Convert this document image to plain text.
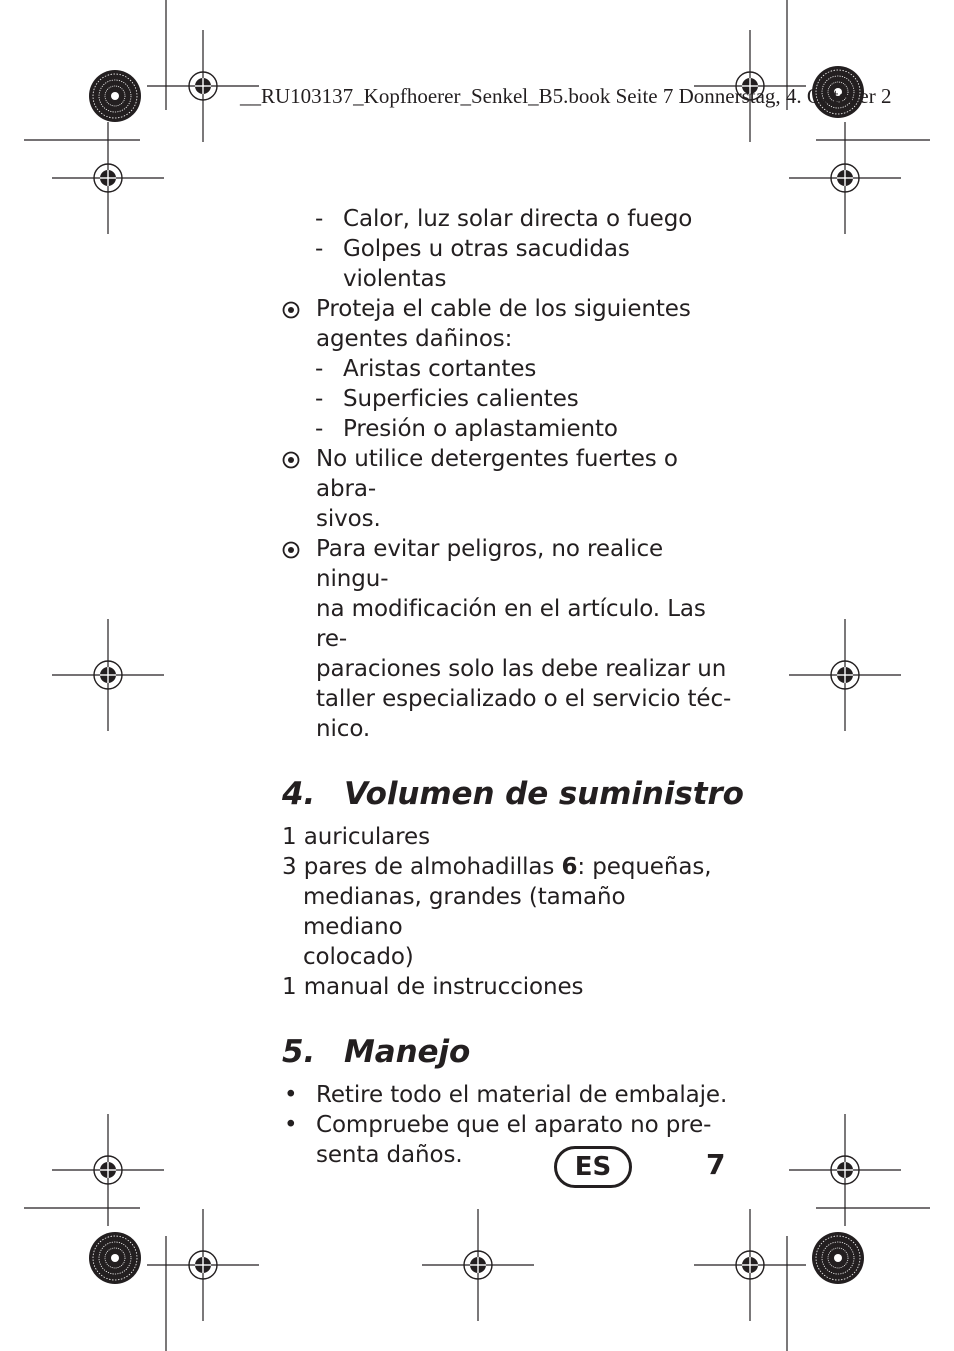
__RU103137_Kopfhoerer_Senkel_B5.book Seite 7 Donnerstag, 4. Oktober 2
- Calor, luz solar directa o fuego
- Golpes u otras sacudidas violentas
Proteja el cable de los siguientes
agentes dañinos:
- Aristas cortantes
- Superficies calientes
- Presión o aplastamiento
No utilice detergentes fuertes o abra-
sivos.
Para evitar peligros, no realice ningu-
na modificación en el artículo. Las re-
paraciones solo las debe realizar un
taller especializado o el servicio téc-
nico.
4. Volumen de suministro
1 auriculares
3 pares de almohadillas 6: pequeñas,
medianas, grandes (tamaño mediano
colocado)
1 manual de instrucciones
5. Manejo
• Retire todo el material de embalaje.
• Compruebe que el aparato no pre-
senta daños.	ES	7
